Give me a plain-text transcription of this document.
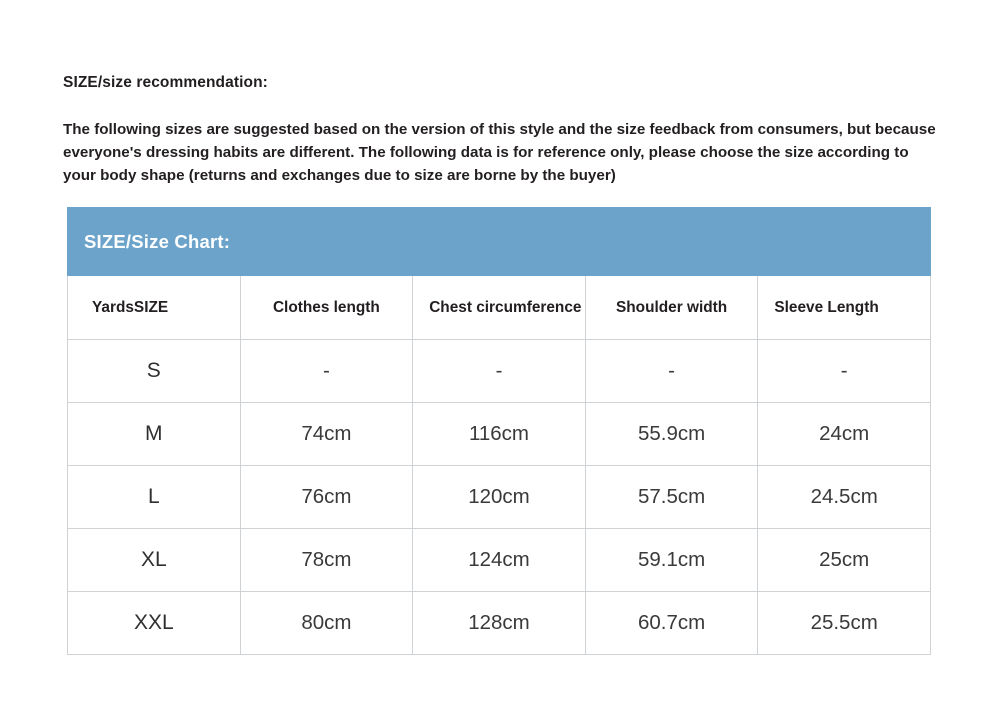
SIZE/size recommendation:
The following sizes are suggested based on the version of this style and the size feedback from consumers, but because everyone's dressing habits are different. The following data is for reference only, please choose the size according to your body shape (returns and exchanges due to size are borne by the buyer)
SIZE/Size Chart:				
YardsSIZE	Clothes length	Chest circumference	Shoulder width	Sleeve Length
S	-	-	-	-
M	74cm	116cm	55.9cm	24cm
L	76cm	120cm	57.5cm	24.5cm
XL	78cm	124cm	59.1cm	25cm
XXL	80cm	128cm	60.7cm	25.5cm
